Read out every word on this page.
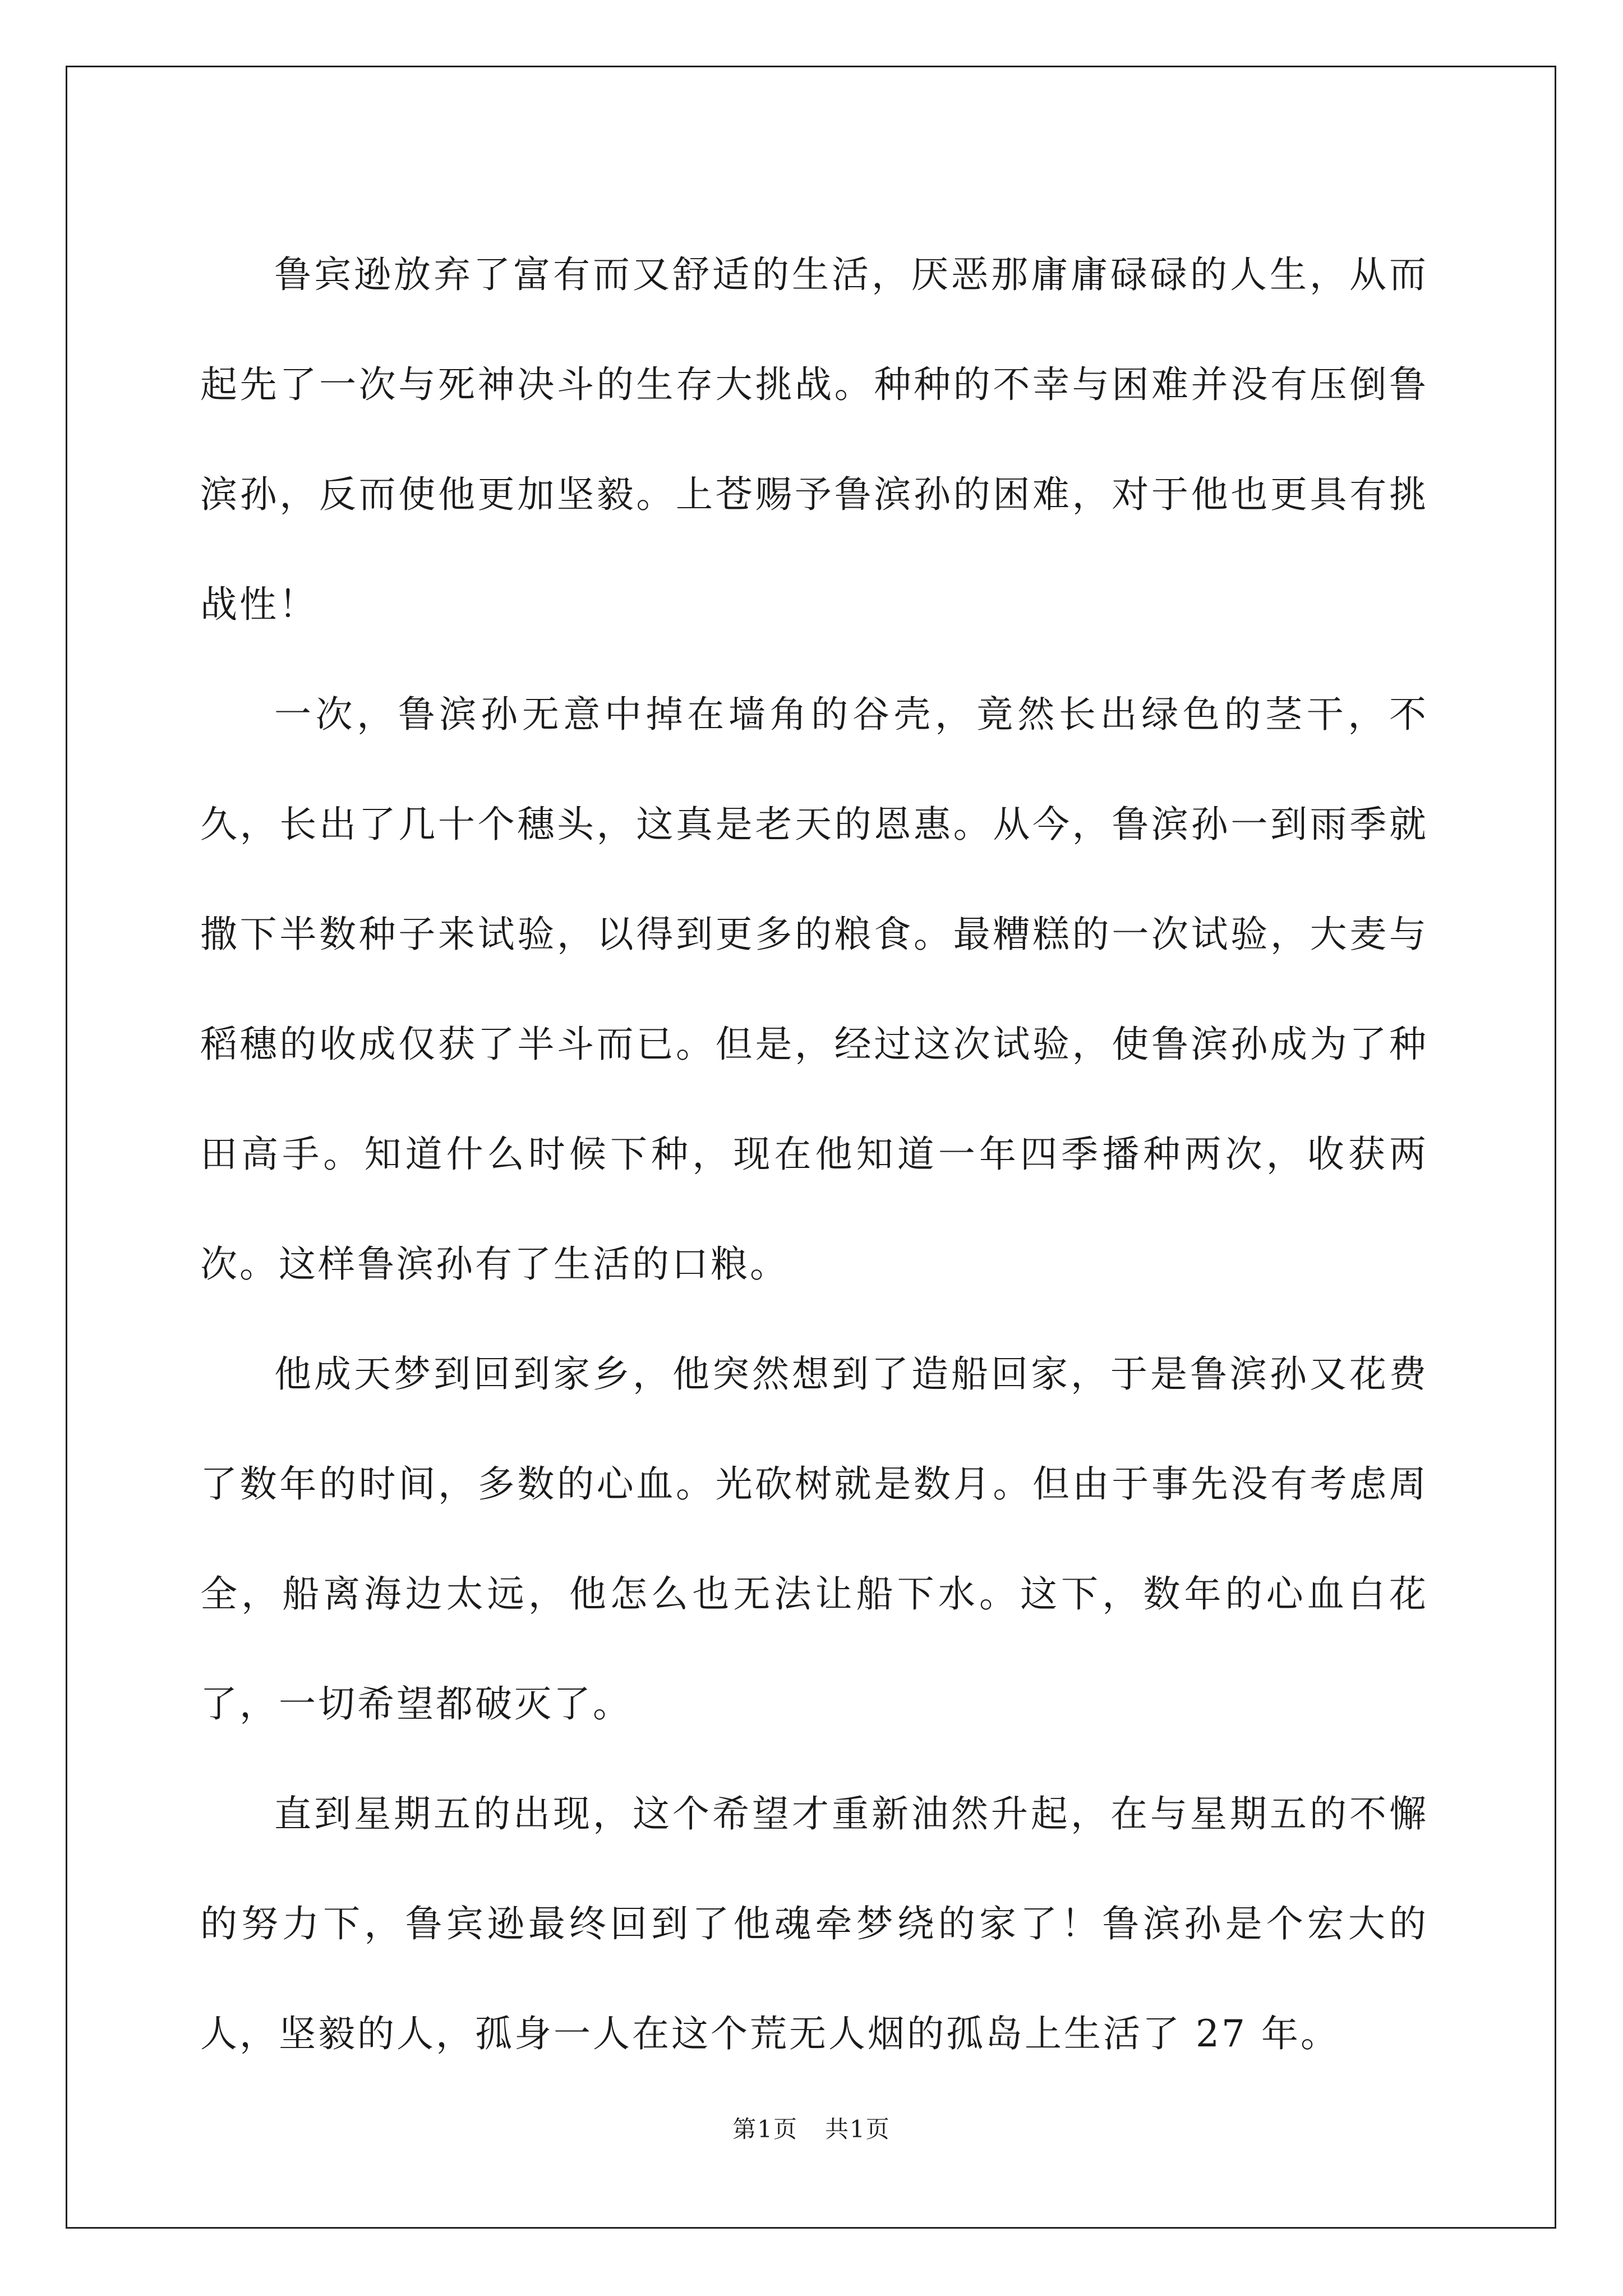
鲁宾逊放弃了富有而又舒适的生活，厌恶那庸庸碌碌的人生，从而起先了一次与死神决斗的生存大挑战。种种的不幸与困难并没有压倒鲁滨孙，反而使他更加坚毅。上苍赐予鲁滨孙的困难，对于他也更具有挑战性！

一次，鲁滨孙无意中掉在墙角的谷壳，竟然长出绿色的茎干，不久，长出了几十个穗头，这真是老天的恩惠。从今，鲁滨孙一到雨季就撒下半数种子来试验，以得到更多的粮食。最糟糕的一次试验，大麦与稻穗的收成仅获了半斗而已。但是，经过这次试验，使鲁滨孙成为了种田高手。知道什么时候下种，现在他知道一年四季播种两次，收获两次。这样鲁滨孙有了生活的口粮。

他成天梦到回到家乡，他突然想到了造船回家，于是鲁滨孙又花费了数年的时间，多数的心血。光砍树就是数月。但由于事先没有考虑周全，船离海边太远，他怎么也无法让船下水。这下，数年的心血白花了，一切希望都破灭了。

直到星期五的出现，这个希望才重新油然升起，在与星期五的不懈的努力下，鲁宾逊最终回到了他魂牵梦绕的家了！鲁滨孙是个宏大的人，坚毅的人，孤身一人在这个荒无人烟的孤岛上生活了 27 年。

第1页 共1页
